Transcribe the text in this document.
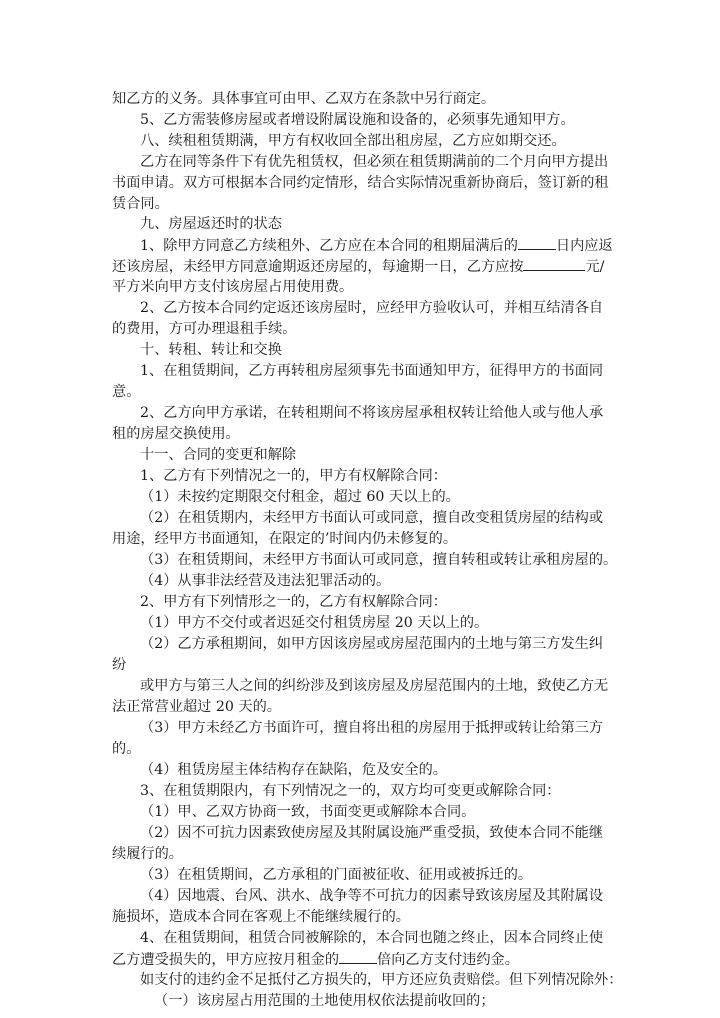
知乙方的义务。具体事宜可由甲、乙双方在条款中另行商定。

5、乙方需装修房屋或者增设附属设施和设备的，必须事先通知甲方。

八、续租租赁期满，甲方有权收回全部出租房屋，乙方应如期交还。

乙方在同等条件下有优先租赁权，但必须在租赁期满前的二个月向甲方提出

书面申请。双方可根据本合同约定情形，结合实际情况重新协商后，签订新的租

赁合同。

九、房屋返还时的状态

1、除甲方同意乙方续租外、乙方应在本合同的租期届满后的	日内应返

还该房屋，未经甲方同意逾期返还房屋的，每逾期一日，乙方应按	元/

平方米向甲方支付该房屋占用使用费。

2、乙方按本合同约定返还该房屋时，应经甲方验收认可，并相互结清各自

的费用，方可办理退租手续。

十、转租、转让和交换

1、在租赁期间，乙方再转租房屋须事先书面通知甲方，征得甲方的书面同

意。

2、乙方向甲方承诺，在转租期间不将该房屋承租权转让给他人或与他人承

租的房屋交换使用。

十一、合同的变更和解除

1、乙方有下列情况之一的，甲方有权解除合同：

（1）未按约定期限交付租金，超过 60 天以上的。

（2）在租赁期内，未经甲方书面认可或同意，擅自改变租赁房屋的结构或

用途，经甲方书面通知，在限定的’时间内仍未修复的。

（3）在租赁期间，未经甲方书面认可或同意，擅自转租或转让承租房屋的。

（4）从事非法经营及违法犯罪活动的。

2、甲方有下列情形之一的，乙方有权解除合同：

（1）甲方不交付或者迟延交付租赁房屋 20 天以上的。

（2）乙方承租期间，如甲方因该房屋或房屋范围内的土地与第三方发生纠

纷

或甲方与第三人之间的纠纷涉及到该房屋及房屋范围内的土地，致使乙方无

法正常营业超过 20 天的。

（3）甲方未经乙方书面许可，擅自将出租的房屋用于抵押或转让给第三方

的。

（4）租赁房屋主体结构存在缺陷，危及安全的。

3、在租赁期限内，有下列情况之一的，双方均可变更或解除合同：

（1）甲、乙双方协商一致，书面变更或解除本合同。

（2）因不可抗力因素致使房屋及其附属设施严重受损，致使本合同不能继

续履行的。

（3）在租赁期间，乙方承租的门面被征收、征用或被拆迁的。

（4）因地震、台风、洪水、战争等不可抗力的因素导致该房屋及其附属设

施损坏，造成本合同在客观上不能继续履行的。

4、在租赁期间，租赁合同被解除的，本合同也随之终止，因本合同终止使

乙方遭受损失的，甲方应按月租金的	倍向乙方支付违约金。

如支付的违约金不足抵付乙方损失的，甲方还应负责赔偿。但下列情况除外：

（一）该房屋占用范围的土地使用权依法提前收回的；
